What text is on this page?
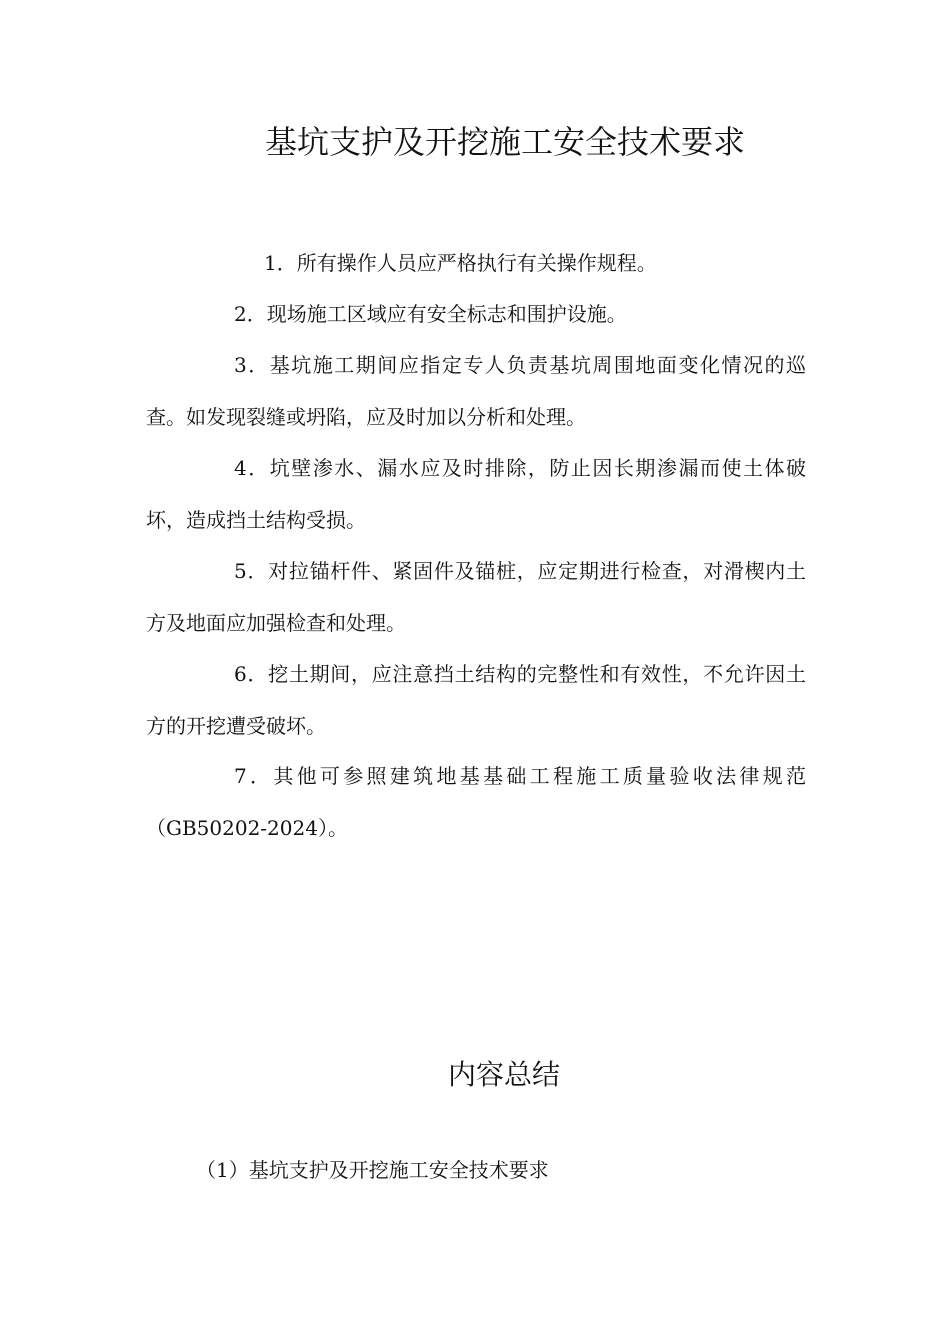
基坑支护及开挖施工安全技术要求
1．所有操作人员应严格执行有关操作规程。
2．现场施工区域应有安全标志和围护设施。
3．基坑施工期间应指定专人负责基坑周围地面变化情况的巡查。如发现裂缝或坍陷，应及时加以分析和处理。
4．坑壁渗水、漏水应及时排除，防止因长期渗漏而使土体破坏，造成挡土结构受损。
5．对拉锚杆件、紧固件及锚桩，应定期进行检查，对滑楔内土方及地面应加强检查和处理。
6．挖土期间，应注意挡土结构的完整性和有效性，不允许因土方的开挖遭受破坏。
7．其他可参照建筑地基基础工程施工质量验收法律规范（GB50202-2024）。
内容总结
（1）基坑支护及开挖施工安全技术要求
